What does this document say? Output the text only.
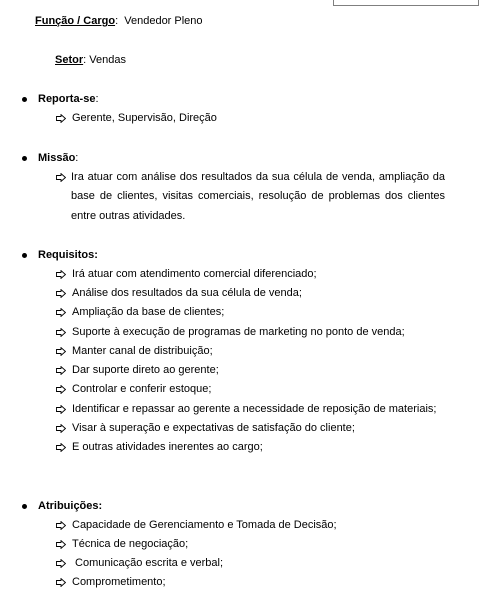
Função / Cargo: Vendedor Pleno
Setor: Vendas
Reporta-se:
Gerente, Supervisão, Direção
Missão:
Ira atuar com análise dos resultados da sua célula de venda, ampliação da
base de clientes, visitas comerciais, resolução de problemas dos clientes
entre outras atividades.
Requisitos:
Irá atuar com atendimento comercial diferenciado;
Análise dos resultados da sua célula de venda;
Ampliação da base de clientes;
Suporte à execução de programas de marketing no ponto de venda;
Manter canal de distribuição;
Dar suporte direto ao gerente;
Controlar e conferir estoque;
Identificar e repassar ao gerente a necessidade de reposição de materiais;
Visar à superação e expectativas de satisfação do cliente;
E outras atividades inerentes ao cargo;
Atribuições:
Capacidade de Gerenciamento e Tomada de Decisão;
Técnica de negociação;
Comunicação escrita e verbal;
Comprometimento;
